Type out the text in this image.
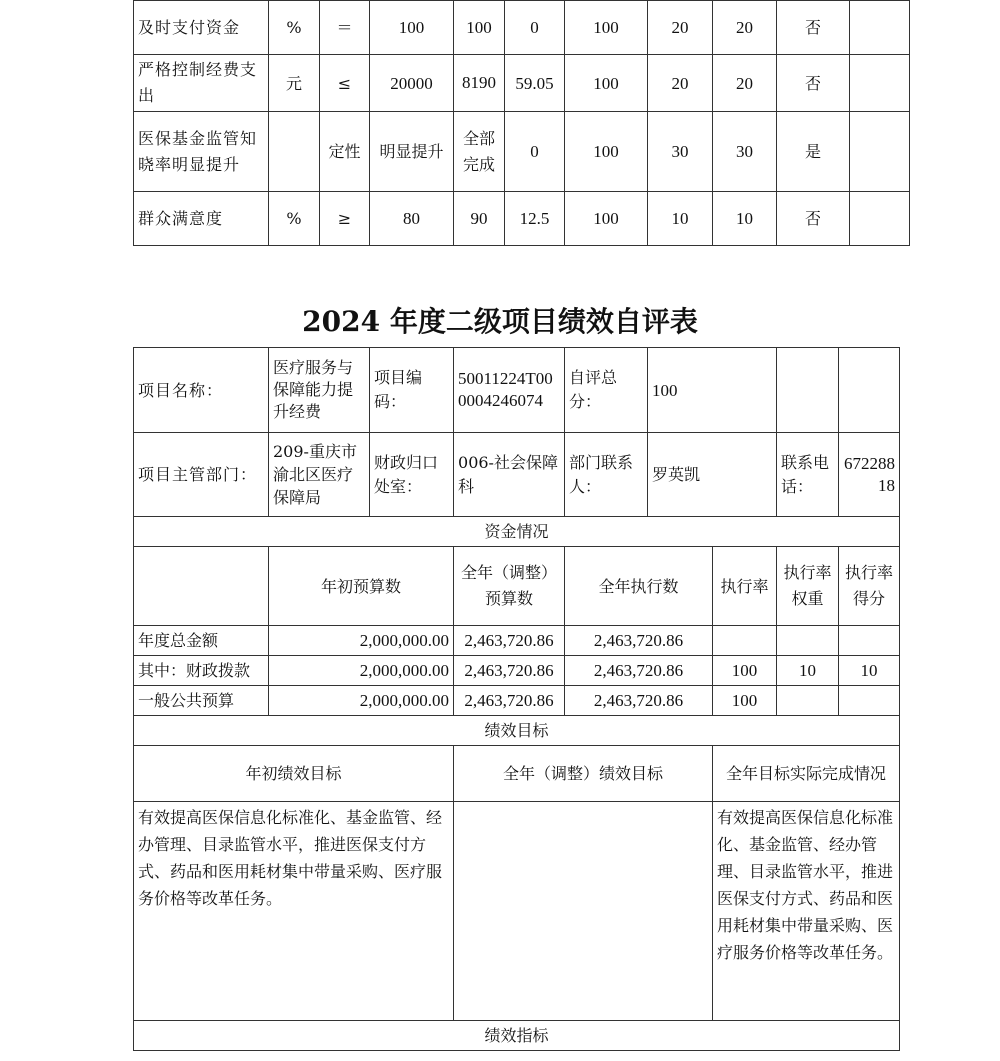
及时支付资金	%	＝	100	100	0	100	20	20	否	
严格控制经费支出	元	≤	20000	8190	59.05	100	20	20	否	
医保基金监管知晓率明显提升		定性	明显提升	全部完成	0	100	30	30	是	
群众满意度	%	≥	80	90	12.5	100	10	10	否	
2024 年度二级项目绩效自评表
项目名称：	医疗服务与保障能力提升经费	项目编码：	50011224T000004246074	自评总分：	100			
项目主管部门：	209-重庆市渝北区医疗保障局	财政归口处室：	006-社会保障科	部门联系人：	罗英凯		联系电话：	67228818
资金情况								
	年初预算数		全年（调整）预算数	全年执行数		执行率	执行率权重	执行率得分
年度总金额	2,000,000.00		2,463,720.86	2,463,720.86				
其中：财政拨款	2,000,000.00		2,463,720.86	2,463,720.86		100	10	10
一般公共预算	2,000,000.00		2,463,720.86	2,463,720.86		100		
绩效目标								
年初绩效目标			全年（调整）绩效目标			全年目标实际完成情况		
有效提高医保信息化标准化、基金监管、经办管理、目录监管水平，推进医保支付方式、药品和医用耗材集中带量采购、医疗服务价格等改革任务。						有效提高医保信息化标准化、基金监管、经办管理、目录监管水平，推进医保支付方式、药品和医用耗材集中带量采购、医疗服务价格等改革任务。		
绩效指标								
